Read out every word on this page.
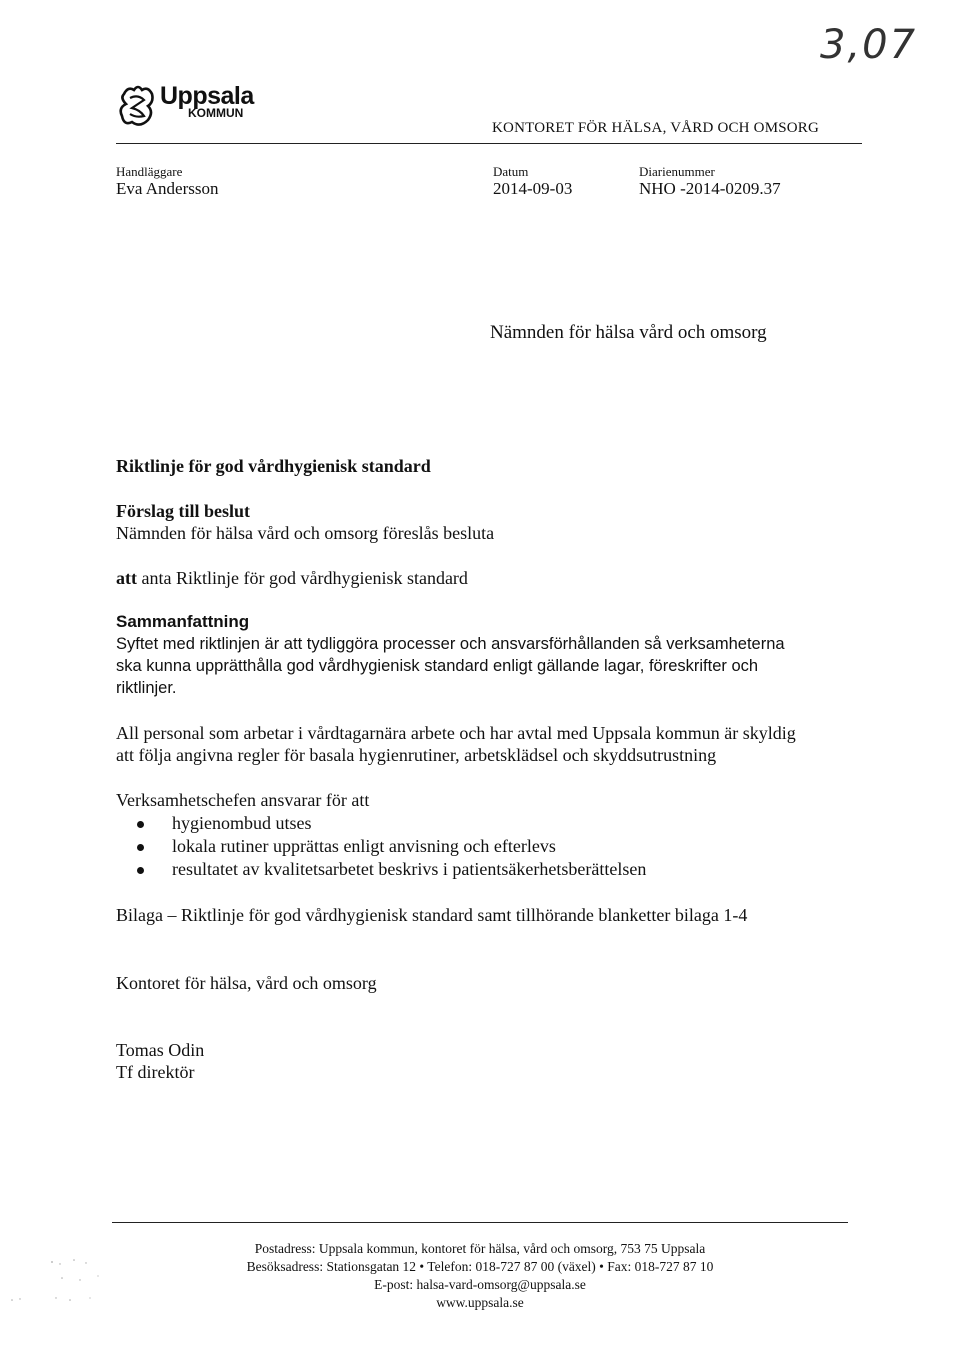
3,07
Uppsala
KOMMUN
KONTORET FÖR HÄLSA, VÅRD OCH OMSORG
Handläggare
Eva Andersson
Datum
2014-09-03
Diarienummer
NHO -2014-0209.37
Nämnden för hälsa vård och omsorg
Riktlinje för god vårdhygienisk standard
Förslag till beslut
Nämnden för hälsa vård och omsorg föreslås besluta
att anta Riktlinje för god vårdhygienisk standard
Sammanfattning
Syftet med riktlinjen är att tydliggöra processer och ansvarsförhållanden så verksamheterna
ska kunna upprätthålla god vårdhygienisk standard enligt gällande lagar, föreskrifter och
riktlinjer.
All personal som arbetar i vårdtagarnära arbete och har avtal med Uppsala kommun är skyldig
att följa angivna regler för basala hygienrutiner, arbetsklädsel och skyddsutrustning
Verksamhetschefen ansvarar för att
hygienombud utses
lokala rutiner upprättas enligt anvisning och efterlevs
resultatet av kvalitetsarbetet beskrivs i patientsäkerhetsberättelsen
Bilaga – Riktlinje för god vårdhygienisk standard samt tillhörande blanketter bilaga 1-4
Kontoret för hälsa, vård och omsorg
Tomas Odin
Tf direktör
Postadress: Uppsala kommun, kontoret för hälsa, vård och omsorg, 753 75 Uppsala
Besöksadress: Stationsgatan 12 • Telefon: 018-727 87 00 (växel) • Fax: 018-727 87 10
E-post: halsa-vard-omsorg@uppsala.se
www.uppsala.se
